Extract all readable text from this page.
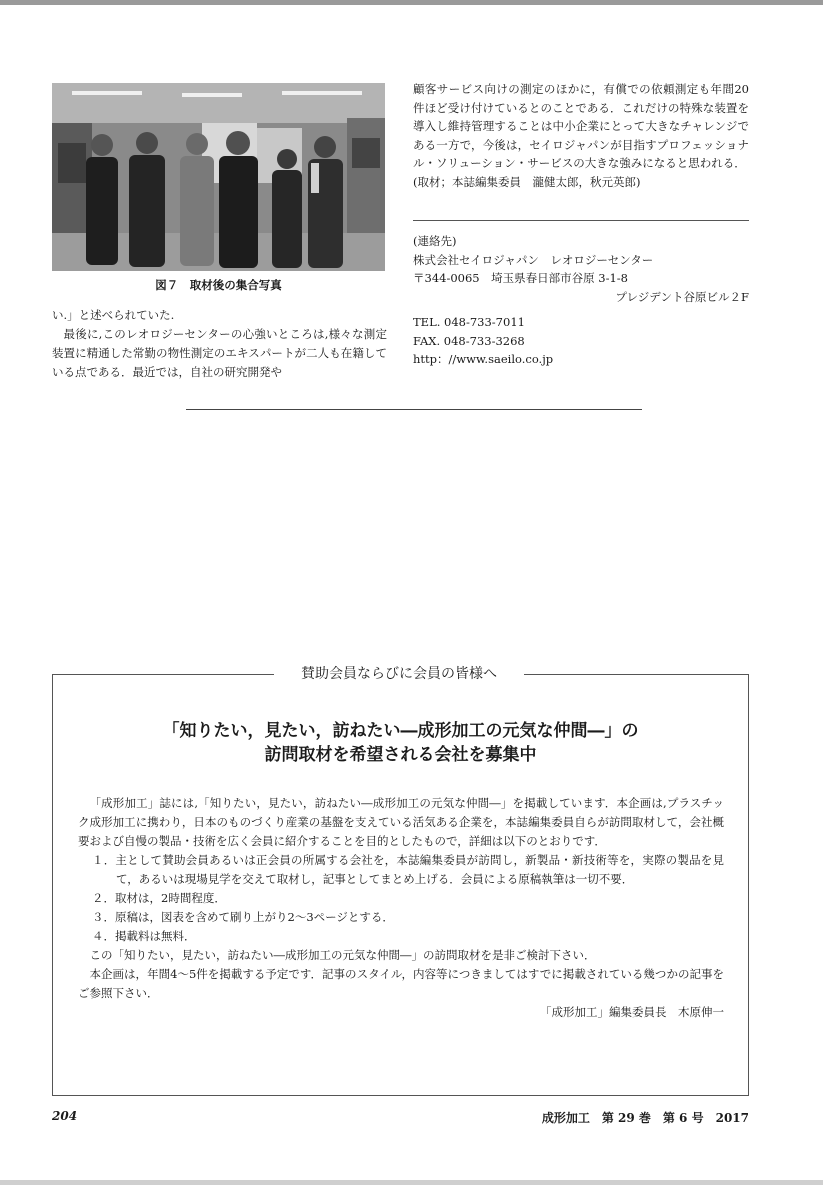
図７　取材後の集合写真

い.」と述べられていた.

最後に,このレオロジーセンターの心強いところは,様々な測定装置に精通した常勤の物性測定のエキスパートが二人も在籍している点である．最近では，自社の研究開発や

顧客サービス向けの測定のほかに，有償での依頼測定も年間20件ほど受け付けているとのことである．これだけの特殊な装置を導入し維持管理することは中小企業にとって大きなチャレンジである一方で，今後は，セイロジャパンが目指すプロフェッショナル・ソリューション・サービスの大きな強みになると思われる．

(取材；本誌編集委員　瀧健太郎，秋元英郎)

(連絡先)
株式会社セイロジャパン　レオロジーセンター
〒344-0065　埼玉県春日部市谷原 3-1-8
プレジデント谷原ビル２F
TEL. 048-733-7011
FAX. 048-733-3268
http：//www.saeilo.co.jp
賛助会員ならびに会員の皆様へ
「知りたい，見たい，訪ねたい―成形加工の元気な仲間―」の
訪問取材を希望される会社を募集中

「成形加工」誌には,「知りたい，見たい，訪ねたい―成形加工の元気な仲間―」を掲載しています．本企画は,プラスチック成形加工に携わり，日本のものづくり産業の基盤を支えている活気ある企業を，本誌編集委員自らが訪問取材して，会社概要および自慢の製品・技術を広く会員に紹介することを目的としたもので，詳細は以下のとおりです．

１．主として賛助会員あるいは正会員の所属する会社を，本誌編集委員が訪問し，新製品・新技術等を，実際の製品を見て，あるいは現場見学を交えて取材し，記事としてまとめ上げる．会員による原稿執筆は一切不要．

２．取材は，2時間程度．

３．原稿は，図表を含めて刷り上がり2～3ページとする．

４．掲載料は無料．

この「知りたい，見たい，訪ねたい―成形加工の元気な仲間―」の訪問取材を是非ご検討下さい．

本企画は，年間4～5件を掲載する予定です．記事のスタイル，内容等につきましてはすでに掲載されている幾つかの記事をご参照下さい．

「成形加工」編集委員長　木原伸一

204	成形加工　第 29 巻　第 6 号　2017
